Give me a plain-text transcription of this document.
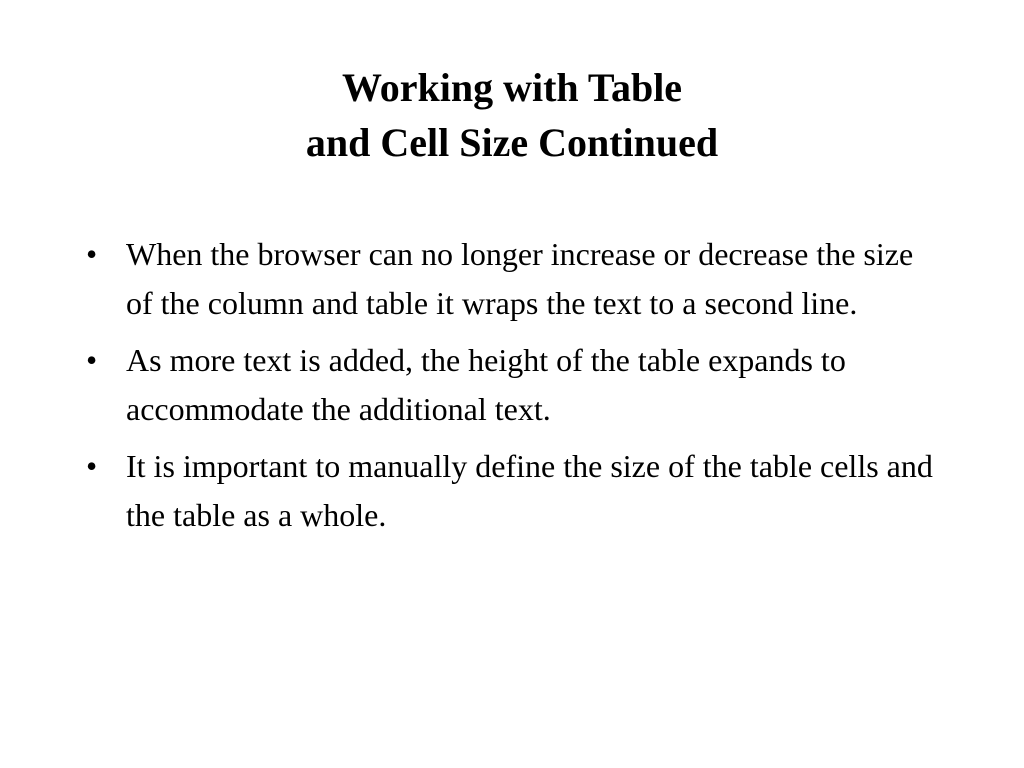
Working with Table
and Cell Size Continued
• When the browser can no longer increase or decrease the size of the column and table it wraps the text to a second line.
• As more text is added, the height of the table expands to accommodate the additional text.
• It is important to manually define the size of the table cells and the table as a whole.
